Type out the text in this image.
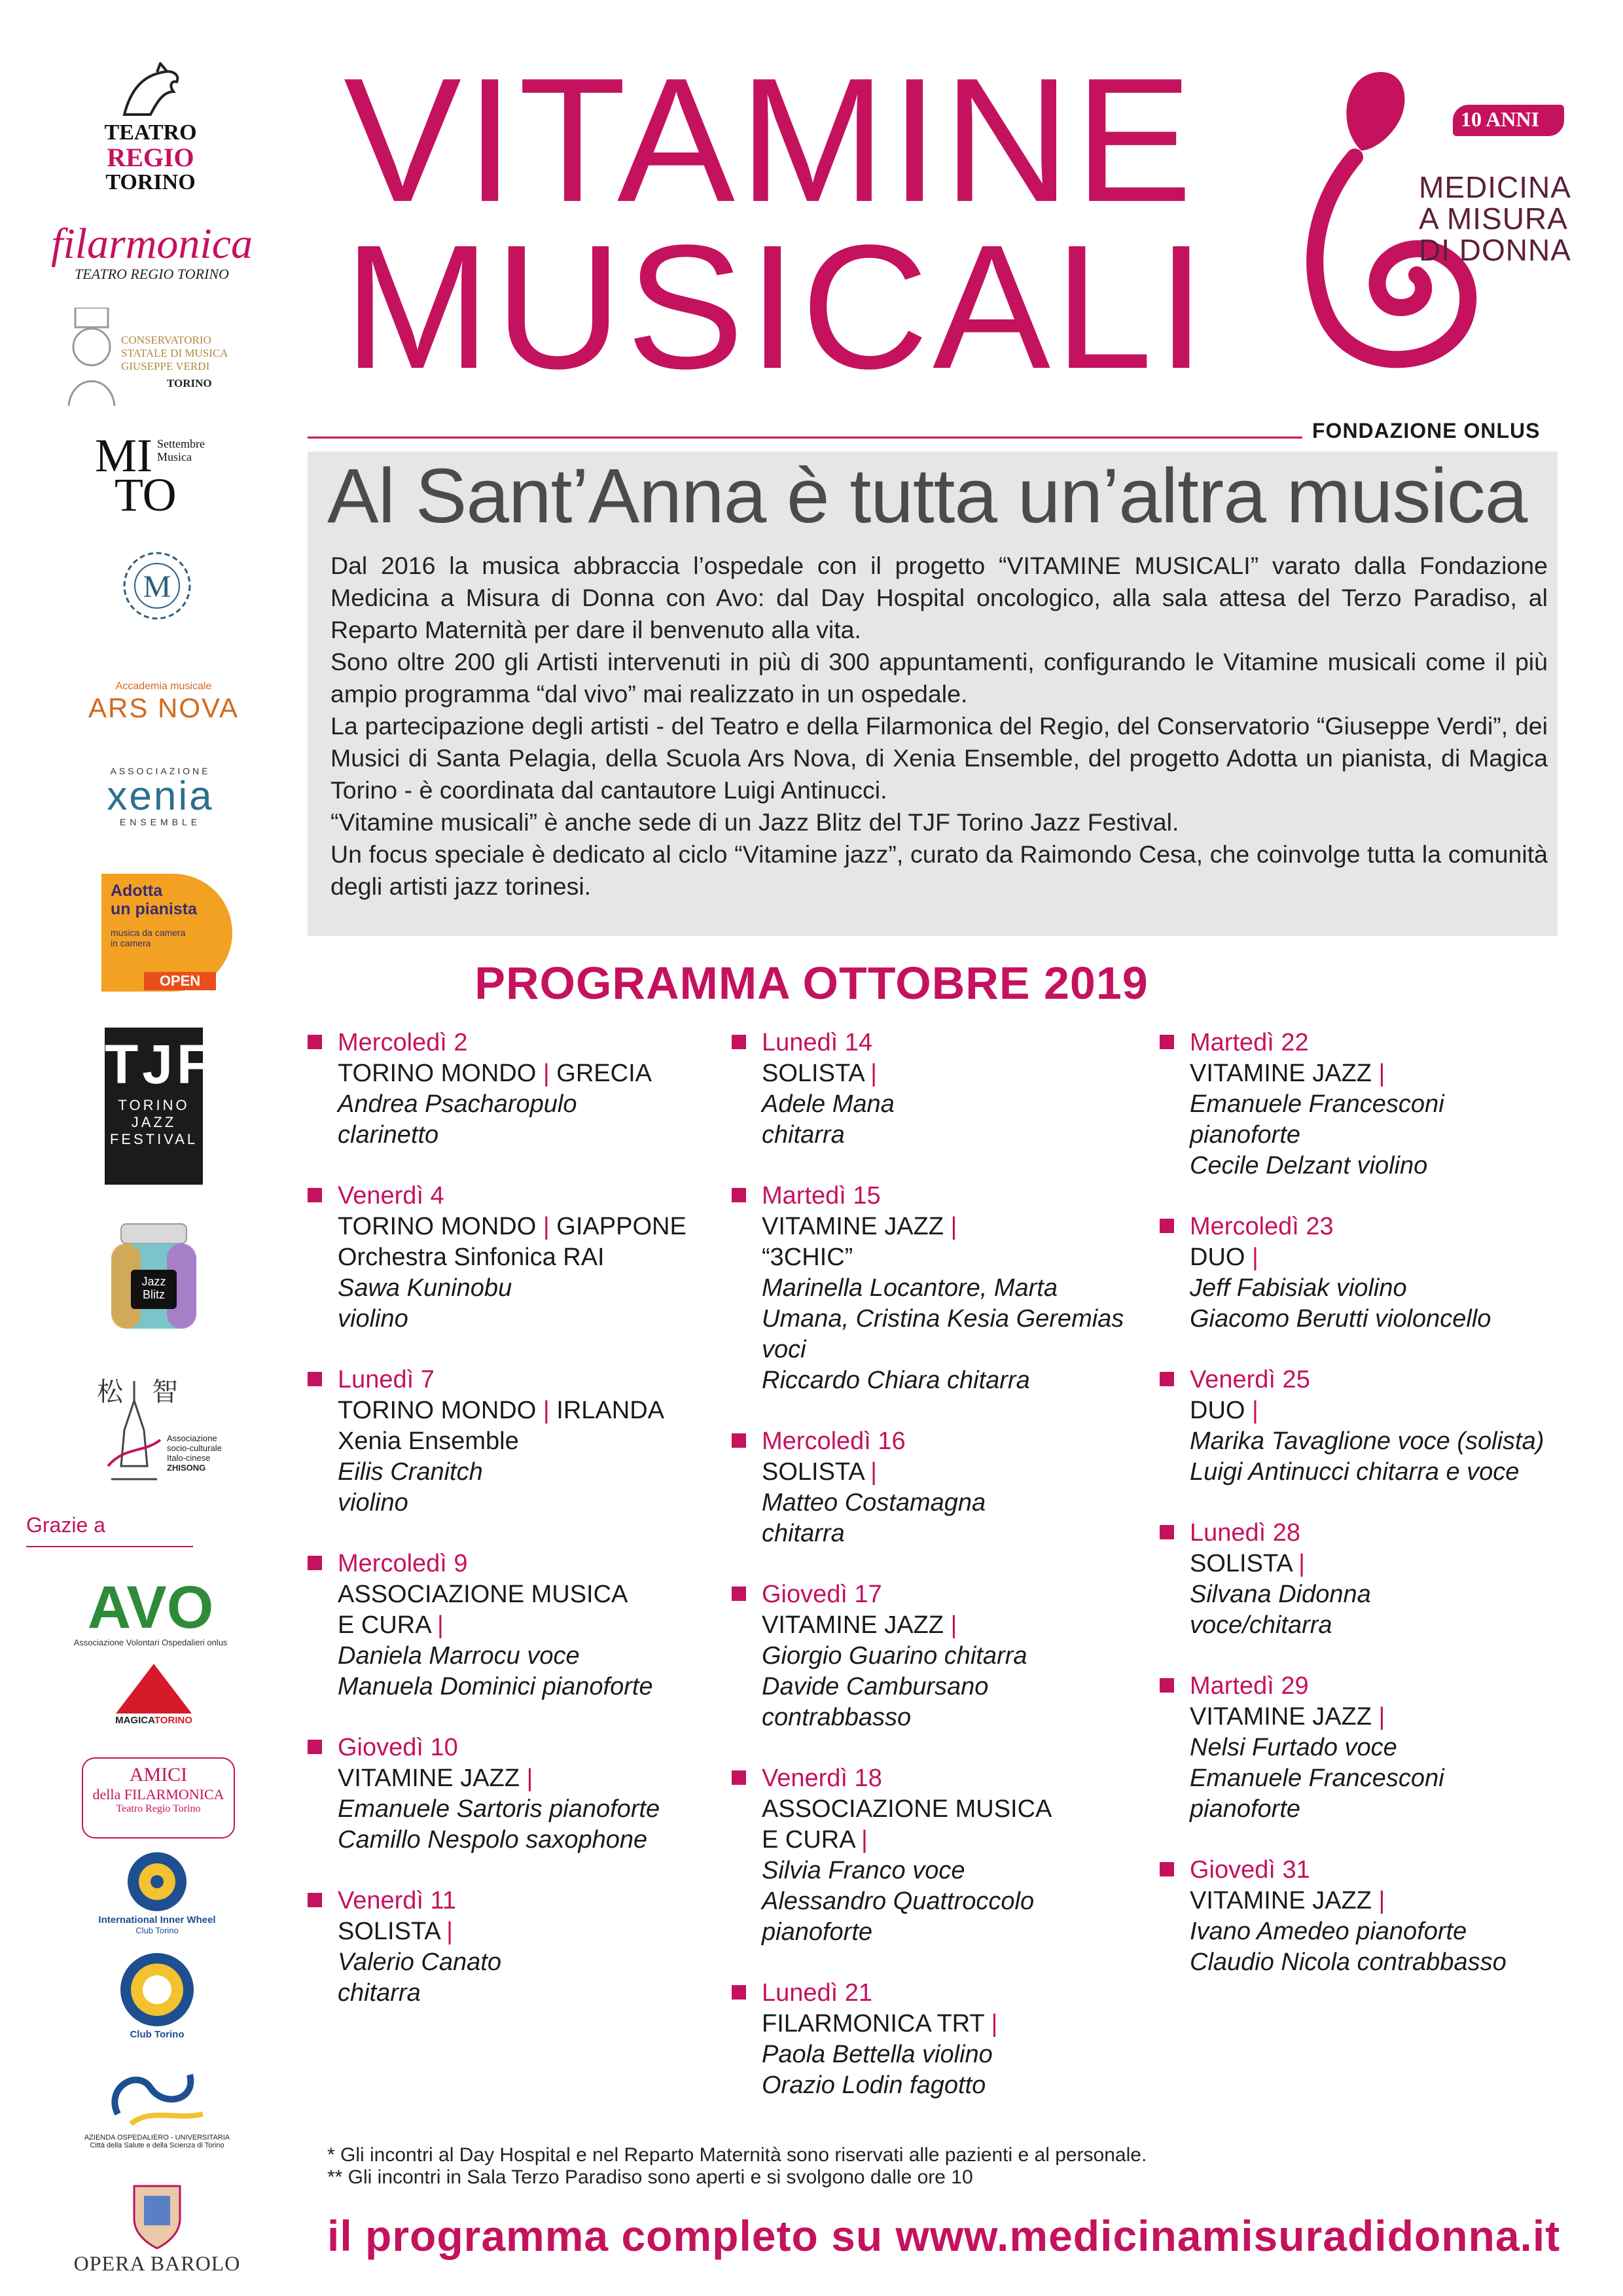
TEATRO
REGIO
TORINO
filarmonica
TEATRO REGIO TORINO
CONSERVATORIO
STATALE DI MUSICA
GIUSEPPE VERDI
TORINO
MI
TO
Settembre
Musica
M
Accademia musicale
ARS NOVA
ASSOCIAZIONE
xenia
ENSEMBLE
Adotta
un pianista
musica da camera in camera
OPEN
TJF
TORINO
JAZZ
FESTIVAL
Jazz
Blitz
松 智
Associazione
socio-culturale
Italo-cinese
ZHISONG
Grazie a
AVO
Associazione Volontari Ospedalieri onlus
MAGICATORINO
AMICI
della FILARMONICA
Teatro Regio Torino
International Inner Wheel
Club Torino
Club Torino
AZIENDA OSPEDALIERO - UNIVERSITARIA
Città della Salute e della Scienza di Torino
OPERA BAROLO
VITAMINE
MUSICALI
10 ANNI
MEDICINA
A MISURA
DI DONNA
FONDAZIONE ONLUS
Al Sant’Anna è tutta un’altra musica

Dal 2016 la musica abbraccia l’ospedale con il progetto “VITAMINE MUSICALI” varato dalla Fondazione Medicina a Misura di Donna con Avo: dal Day Hospital oncologico, alla sala attesa del Terzo Paradiso, al Reparto Maternità per dare il benvenuto alla vita.

Sono oltre 200 gli Artisti intervenuti in più di 300 appuntamenti, configurando le Vitamine musicali come il più ampio programma “dal vivo” mai realizzato in un ospedale.

La partecipazione degli artisti - del Teatro e della Filarmonica del Regio, del Conservatorio “Giuseppe Verdi”, dei Musici di Santa Pelagia, della Scuola Ars Nova, di Xenia Ensemble, del progetto Adotta un pianista, di Magica Torino - è coordinata dal cantautore Luigi Antinucci.

“Vitamine musicali” è anche sede di un Jazz Blitz del TJF Torino Jazz Festival.

Un focus speciale è dedicato al ciclo “Vitamine jazz”, curato da Raimondo Cesa, che coinvolge tutta la comunità degli artisti jazz torinesi.

PROGRAMMA OTTOBRE 2019
Mercoledì 2
TORINO MONDO | GRECIA
Andrea Psacharopulo
clarinetto
Venerdì 4
TORINO MONDO | GIAPPONE
Orchestra Sinfonica RAI
Sawa Kuninobu
violino
Lunedì 7
TORINO MONDO | IRLANDA
Xenia Ensemble
Eilis Cranitch
violino
Mercoledì 9
ASSOCIAZIONE MUSICA
E CURA |
Daniela Marrocu voce
Manuela Dominici pianoforte
Giovedì 10
VITAMINE JAZZ |
Emanuele Sartoris pianoforte
Camillo Nespolo saxophone
Venerdì 11
SOLISTA |
Valerio Canato
chitarra
Lunedì 14
SOLISTA |
Adele Mana
chitarra
Martedì 15
VITAMINE JAZZ |
“3CHIC”
Marinella Locantore, Marta
Umana, Cristina Kesia Geremias
voci
Riccardo Chiara chitarra
Mercoledì 16
SOLISTA |
Matteo Costamagna
chitarra
Giovedì 17
VITAMINE JAZZ |
Giorgio Guarino chitarra
Davide Cambursano
contrabbasso
Venerdì 18
ASSOCIAZIONE MUSICA
E CURA |
Silvia Franco voce
Alessandro Quattroccolo
pianoforte
Lunedì 21
FILARMONICA TRT |
Paola Bettella violino
Orazio Lodin fagotto
Martedì 22
VITAMINE JAZZ |
Emanuele Francesconi
pianoforte
Cecile Delzant violino
Mercoledì 23
DUO |
Jeff Fabisiak violino
Giacomo Berutti violoncello
Venerdì 25
DUO |
Marika Tavaglione voce (solista)
Luigi Antinucci chitarra e voce
Lunedì 28
SOLISTA |
Silvana Didonna
voce/chitarra
Martedì 29
VITAMINE JAZZ |
Nelsi Furtado voce
Emanuele Francesconi
pianoforte
Giovedì 31
VITAMINE JAZZ |
Ivano Amedeo pianoforte
Claudio Nicola contrabbasso
* Gli incontri al Day Hospital e nel Reparto Maternità sono riservati alle pazienti e al personale.
** Gli incontri in Sala Terzo Paradiso sono aperti e si svolgono dalle ore 10
il programma completo su www.medicinamisuradidonna.it
